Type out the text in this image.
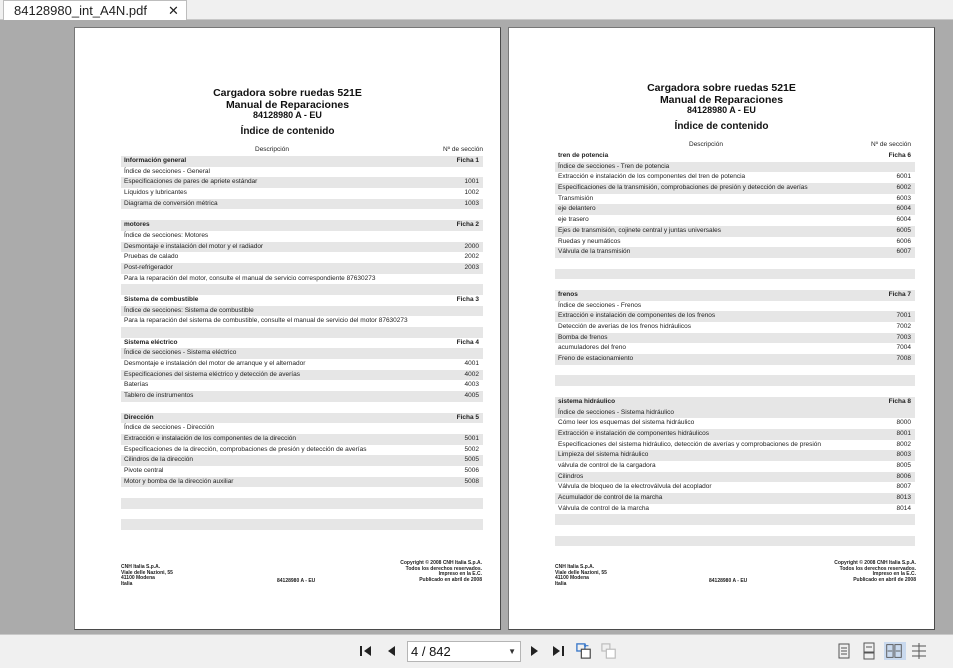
84128980_int_A4N.pdf ✕
Cargadora sobre ruedas 521E
Manual de Reparaciones
84128980 A - EU
Índice de contenido
Descripción	Nº de sección
Información general	Ficha 1
Índice de secciones - General
Especificaciones de pares de apriete estándar	1001
Líquidos y lubricantes	1002
Diagrama de conversión métrica	1003
motores	Ficha 2
Índice de secciones: Motores
Desmontaje e instalación del motor y el radiador	2000
Pruebas de calado	2002
Post-refrigerador	2003
Para la reparación del motor, consulte el manual de servicio correspondiente 87630273
Sistema de combustible	Ficha 3
Índice de secciones: Sistema de combustible
Para la reparación del sistema de combustible, consulte el manual de servicio del motor 87630273
Sistema eléctrico	Ficha 4
Índice de secciones - Sistema eléctrico
Desmontaje e instalación del motor de arranque y el alternador	4001
Especificaciones del sistema eléctrico y detección de averías	4002
Baterías	4003
Tablero de instrumentos	4005
Dirección	Ficha 5
Índice de secciones - Dirección
Extracción e instalación de los componentes de la dirección	5001
Especificaciones de la dirección, comprobaciones de presión y detección de averías	5002
Cilindros de la dirección	5005
Pivote central	5006
Motor y bomba de la dirección auxiliar	5008
CNH Italia S.p.A.
Viale delle Nazioni, 55
41100 Modena
Italia	84128980 A - EU
Copyright © 2008 CNH Italia S.p.A.
Todos los derechos reservados.
Impreso en la E.C.
Publicado en abril de 2008
Cargadora sobre ruedas 521E
Manual de Reparaciones
84128980 A - EU
Índice de contenido
Descripción	Nº de sección
tren de potencia	Ficha 6
Índice de secciones - Tren de potencia
Extracción e instalación de los componentes del tren de potencia	6001
Especificaciones de la transmisión, comprobaciones de presión y detección de averías	6002
Transmisión	6003
eje delantero	6004
eje trasero	6004
Ejes de transmisión, cojinete central y juntas universales	6005
Ruedas y neumáticos	6006
Válvula de la transmisión	6007
frenos	Ficha 7
Índice de secciones - Frenos
Extracción e instalación de componentes de los frenos	7001
Detección de averías de los frenos hidráulicos	7002
Bomba de frenos	7003
acumuladores del freno	7004
Freno de estacionamiento	7008
sistema hidráulico	Ficha 8
Índice de secciones - Sistema hidráulico
Cómo leer los esquemas del sistema hidráulico	8000
Extracción e instalación de componentes hidráulicos	8001
Especificaciones del sistema hidráulico, detección de averías y comprobaciones de presión	8002
Limpieza del sistema hidráulico	8003
válvula de control de la cargadora	8005
Cilindros	8006
Válvula de bloqueo de la electroválvula del acoplador	8007
Acumulador de control de la marcha	8013
Válvula de control de la marcha	8014
CNH Italia S.p.A.
Viale delle Nazioni, 55
41100 Modena
Italia	84128980 A - EU
Copyright © 2008 CNH Italia S.p.A.
Todos los derechos reservados.
Impreso en la E.C.
Publicado en abril de 2008
4 / 842	▼
